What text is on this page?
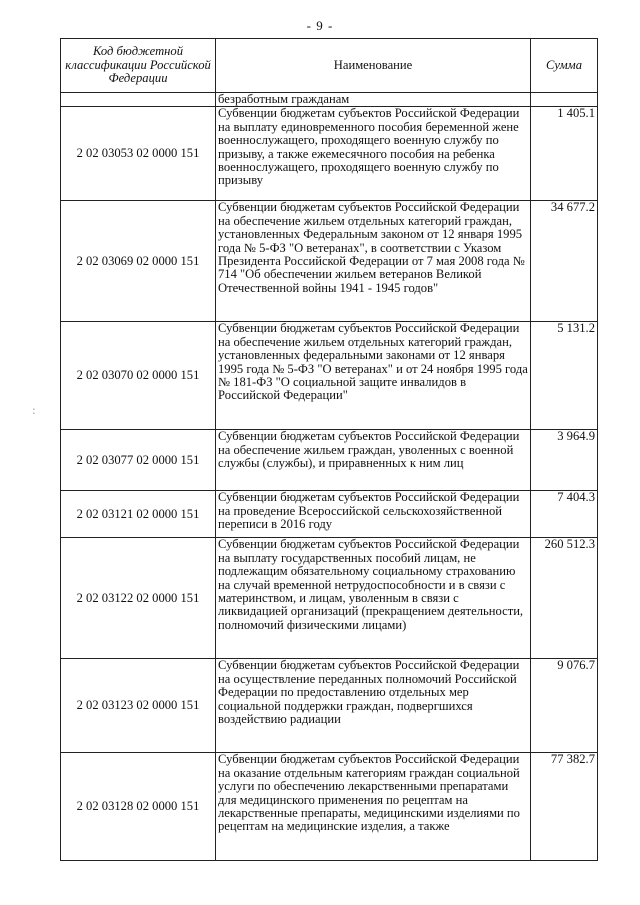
- 9 -
:
Код бюджетной классификации Российской Федерации	Наименование	Сумма
	безработным гражданам	
2 02 03053 02 0000 151	Субвенции бюджетам субъектов Российской Федерации на выплату единовременного пособия беременной жене военнослужащего, проходящего военную службу по призыву, а также ежемесячного пособия на ребенка военнослужащего, проходящего военную службу по призыву	1 405.1
2 02 03069 02 0000 151	Субвенции бюджетам субъектов Российской Федерации на обеспечение жильем отдельных категорий граждан, установленных Федеральным законом от 12 января 1995 года № 5-ФЗ "О ветеранах", в соответствии с Указом Президента Российской Федерации от 7 мая 2008 года № 714 "Об обеспечении жильем ветеранов Великой Отечественной войны 1941 - 1945 годов"	34 677.2
2 02 03070 02 0000 151	Субвенции бюджетам субъектов Российской Федерации на обеспечение жильем отдельных категорий граждан, установленных федеральными законами от 12 января 1995 года № 5-ФЗ "О ветеранах" и от 24 ноября 1995 года № 181-ФЗ "О социальной защите инвалидов в Российской Федерации"	5 131.2
2 02 03077 02 0000 151	Субвенции бюджетам субъектов Российской Федерации на обеспечение жильем граждан, уволенных с военной службы (службы), и приравненных к ним лиц	3 964.9
2 02 03121 02 0000 151	Субвенции бюджетам субъектов Российской Федерации на проведение Всероссийской сельскохозяйственной переписи в 2016 году	7 404.3
2 02 03122 02 0000 151	Субвенции бюджетам субъектов Российской Федерации на выплату государственных пособий лицам, не подлежащим обязательному социальному страхованию на случай временной нетрудоспособности и в связи с материнством, и лицам, уволенным в связи с ликвидацией организаций (прекращением деятельности, полномочий физическими лицами)	260 512.3
2 02 03123 02 0000 151	Субвенции бюджетам субъектов Российской Федерации на осуществление переданных полномочий Российской Федерации по предоставлению отдельных мер социальной поддержки граждан, подвергшихся воздействию радиации	9 076.7
2 02 03128 02 0000 151	Субвенции бюджетам субъектов Российской Федерации на оказание отдельным категориям граждан социальной услуги по обеспечению лекарственными препаратами для медицинского применения по рецептам на лекарственные препараты, медицинскими изделиями по рецептам на медицинские изделия, а также	77 382.7
